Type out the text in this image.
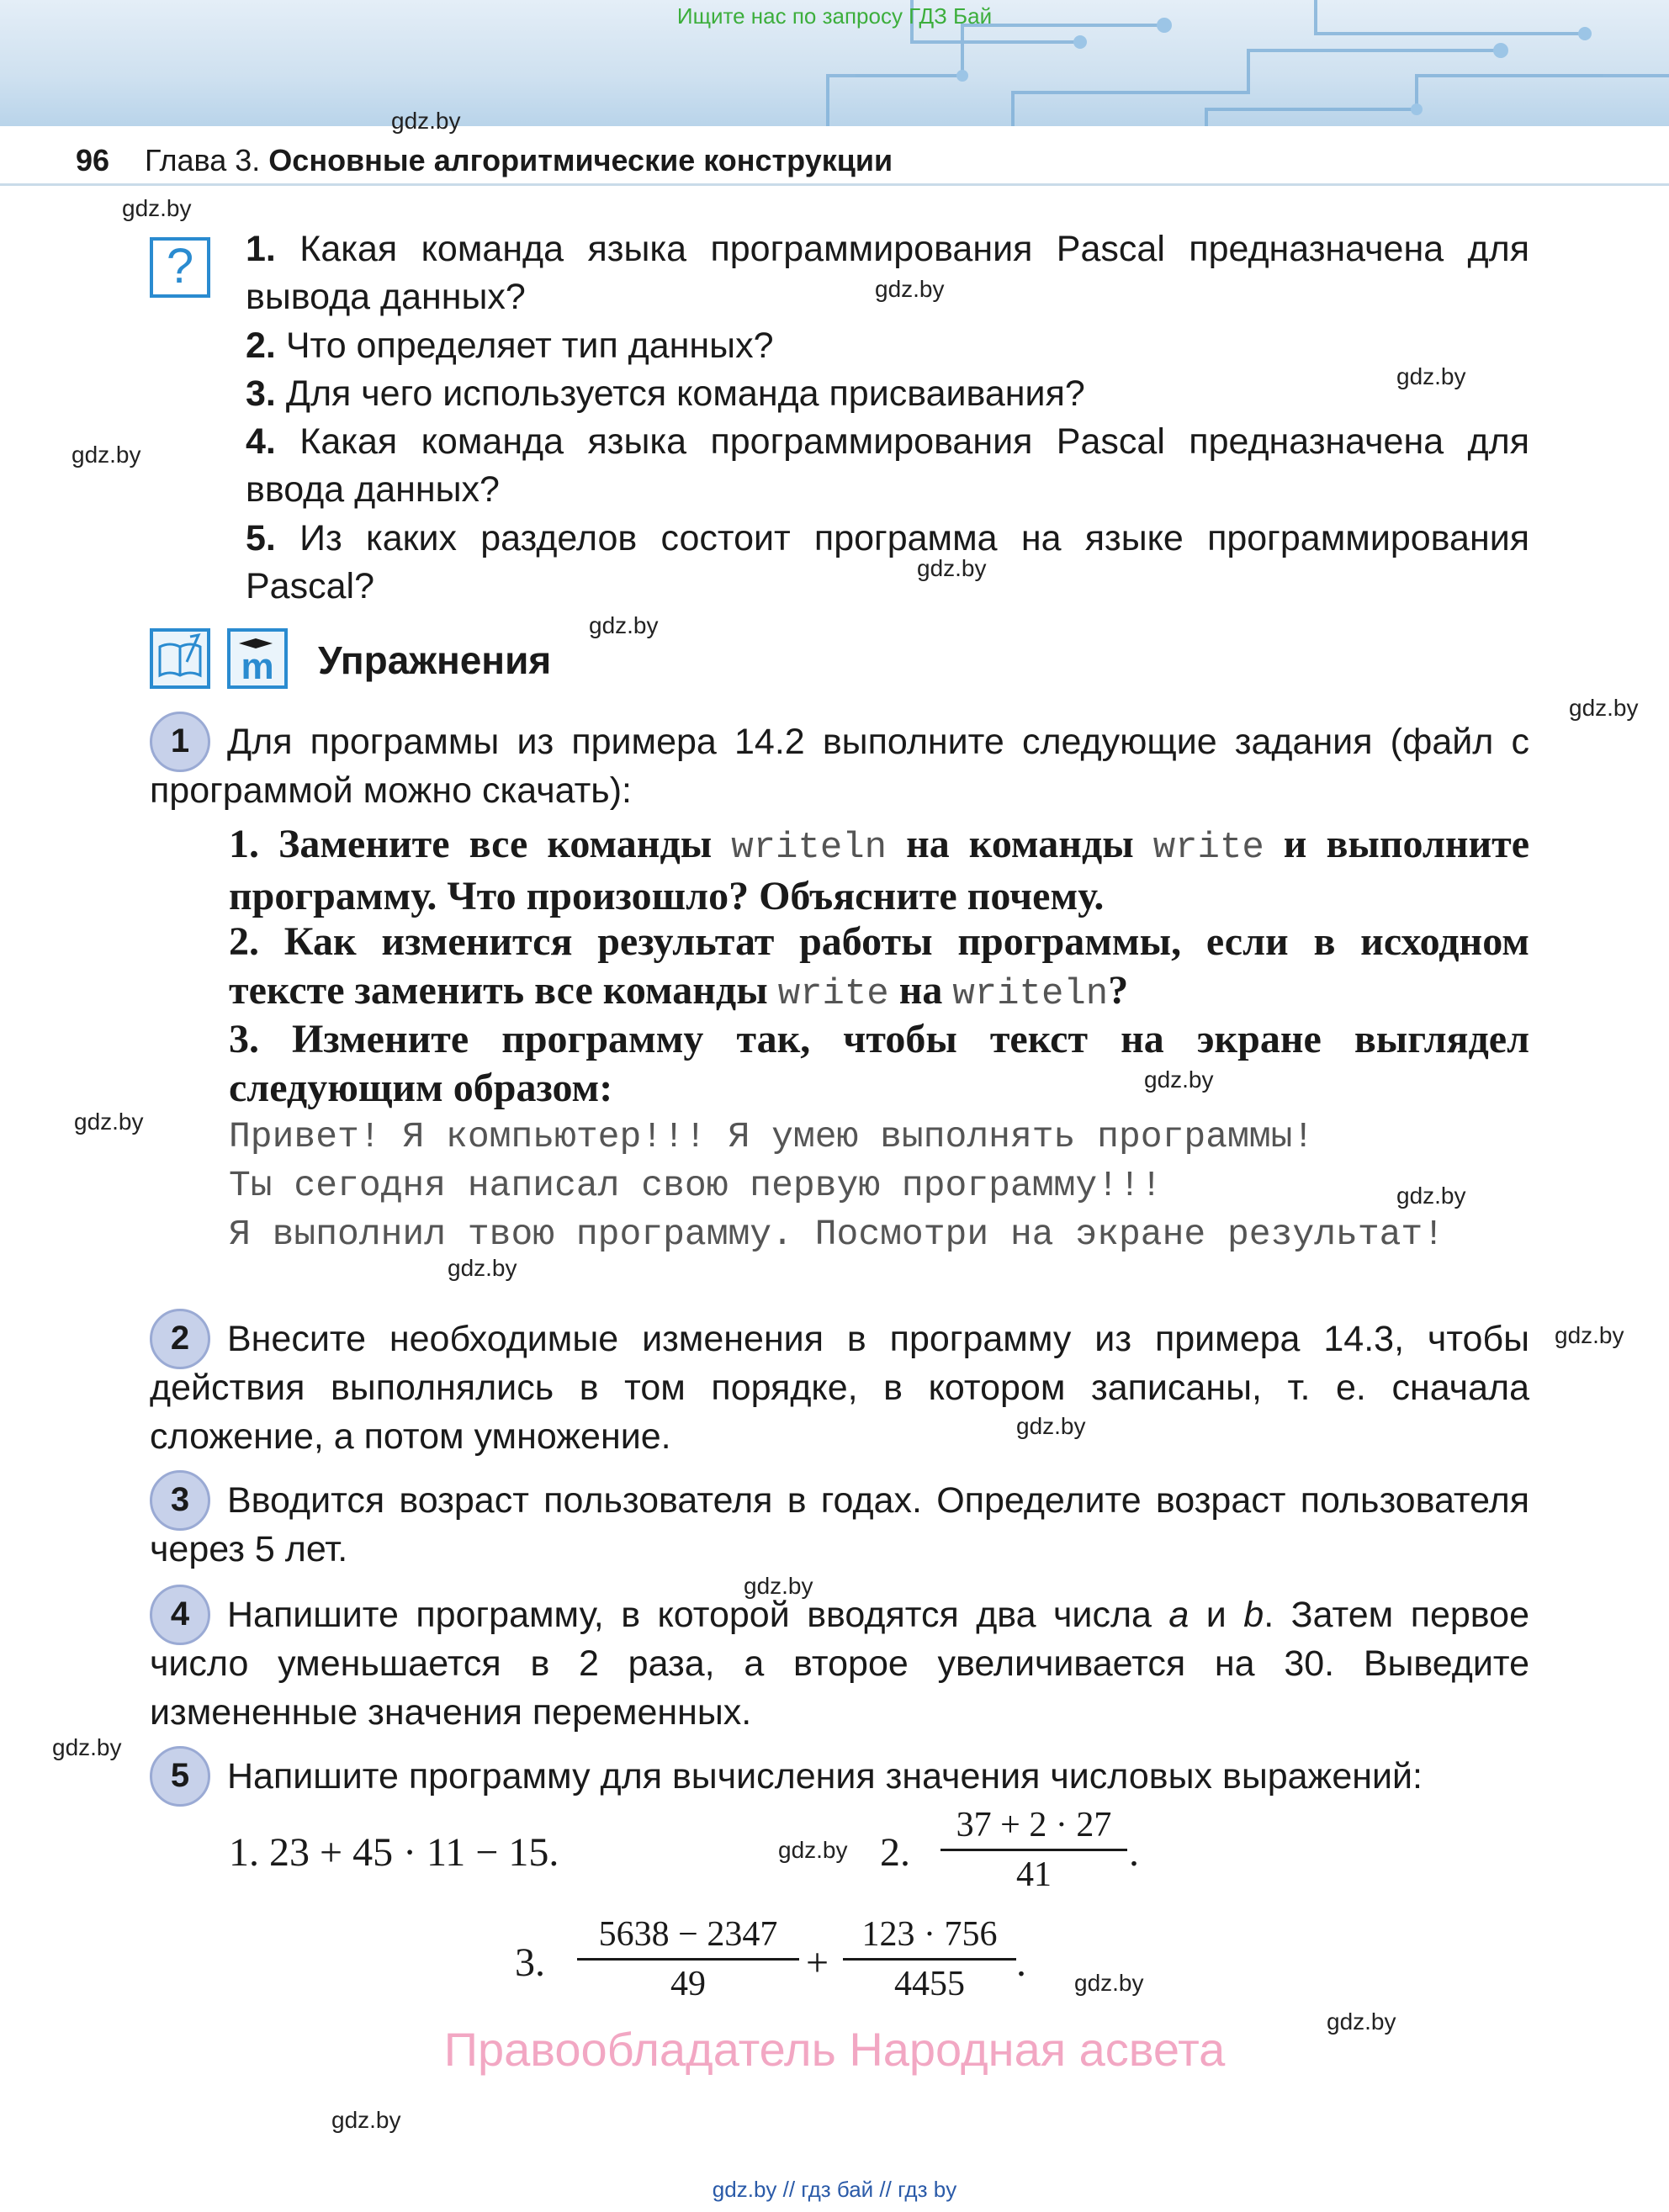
Ищите нас по запросу ГДЗ Бай
gdz.by
96 Глава 3. Основные алгоритмические конструкции
gdz.by
gdz.by
gdz.by
gdz.by
gdz.by
gdz.by
gdz.by
gdz.by
gdz.by
gdz.by
gdz.by
gdz.by
gdz.by
gdz.by
gdz.by
gdz.by
gdz.by
gdz.by
gdz.by
?	1. Какая команда языка программирования Pascal предназначена для вывода данных?
2. Что определяет тип данных?
3. Для чего используется команда присваивания?
4. Какая команда языка программирования Pascal предназначена для ввода данных?
5. Из каких разделов состоит программа на языке программирования Pascal?
m Упражнения
1	Для программы из примера 14.2 выполните следующие задания (файл с программой можно скачать):
1. Замените все команды writeln на команды write и выполните программу. Что произошло? Объясните почему.
2. Как изменится результат работы программы, если в исходном тексте заменить все команды write на writeln?
3. Измените программу так, чтобы текст на экране выглядел следующим образом:
Привет! Я компьютер!!! Я умею выполнять программы!
Ты сегодня написал свою первую программу!!!
Я выполнил твою программу. Посмотри на экране результат!
2	Внесите необходимые изменения в программу из примера 14.3, чтобы действия выполнялись в том порядке, в котором записаны, т. е. сначала сложение, а потом умножение.
3	Вводится возраст пользователя в годах. Определите возраст пользователя через 5 лет.
4	Напишите программу, в которой вводятся два числа a и b. Затем первое число уменьшается в 2 раза, а второе увеличивается на 30. Выведите измененные значения переменных.
5	Напишите программу для вычисления значения числовых выражений:
1. 23 + 45 · 11 − 15.	2.
37 + 2 · 27
41	.
3.
5638 − 2347
49	+
123 · 756
4455	.
Правообладатель Народная асвета
gdz.by // гдз бай // гдз by
